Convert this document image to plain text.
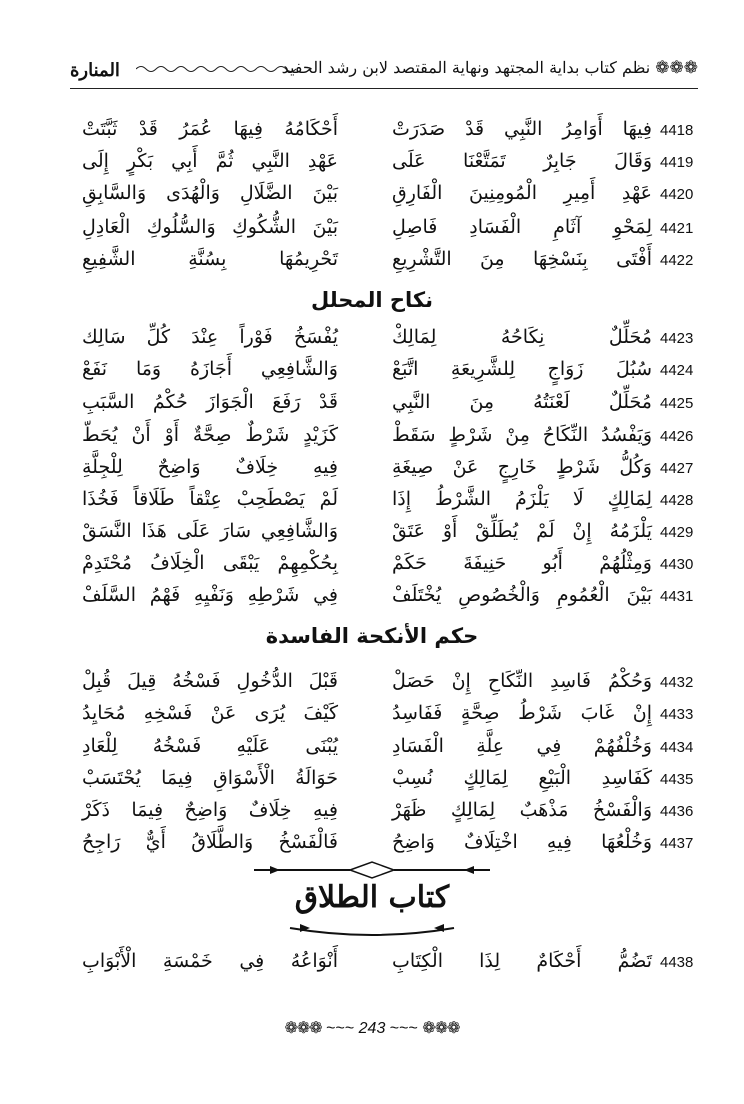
المنارة	❁❁❁ نظم كتاب بداية المجتهد ونهاية المقتصد لابن رشد الحفيد
4418
فِيهَا أَوَامِرُ النَّبِي قَدْ صَدَرَتْ
أَحْكَامُهُ فِيهَا عُمَرُ قَدْ ثَبَّتَتْ
4419
وَقَالَ جَابِرٌ تَمَتَّعْنَا عَلَى
عَهْدِ النَّبِي ثُمَّ أَبِي بَكْرٍ إِلَى
4420
عَهْدِ أَمِيرِ الْمُومِنِينَ الْفَارِقِ
بَيْنَ الضَّلَالِ وَالْهُدَى وَالسَّابِقِ
4421
لِمَحْوِ آثَامِ الْفَسَادِ فَاصِلِ
بَيْنَ الشُّكُوكِ وَالسُّلُوكِ الْعَادِلِ
4422
أَفْتَى بِنَسْخِهَا مِنَ التَّشْرِيعِ
تَحْرِيمُهَا بِسُنَّةِ الشَّفِيعِ
نكاح المحلل
4423
مُحَلِّلٌ نِكَاحُهُ لِمَالِكْ
يُفْسَخُ فَوْراً عِنْدَ كُلِّ سَالِك
4424
سُبُلَ زَوَاجٍ لِلشَّرِيعَةِ اتَّبَعْ
وَالشَّافِعِي أَجَازَهُ وَمَا نَفَعْ
4425
مُحَلِّلٌ لَعْنَتُهُ مِنَ النَّبِي
قَدْ رَفَعَ الْجَوَازَ حُكْمُ السَّبَبِ
4426
وَيَفْسُدُ النِّكَاحُ مِنْ شَرْطٍ سَقَطْ
كَزَيْدٍ شَرْطٌ صِحَّةٌ أَوْ أَنْ يُحَطّ
4427
وَكُلُّ شَرْطٍ خَارِجٍ عَنْ صِيغَةِ
فِيهِ خِلَافٌ وَاضِحٌ لِلْجِلَّةِ
4428
لِمَالِكٍ لَا يَلْزَمُ الشَّرْطُ إِذَا
لَمْ يَصْطَحِبْ عِتْقاً طَلَاقاً فَخُذَا
4429
يَلْزَمُهُ إِنْ لَمْ يُطَلِّقْ أَوْ عَتَقْ
وَالشَّافِعِي سَارَ عَلَى هَذَا النَّسَقْ
4430
وَمِثْلُهُمْ أَبُو حَنِيفَةَ حَكَمْ
بِحُكْمِهِمْ يَبْقَى الْخِلَافُ مُحْتَدِمْ
4431
بَيْنَ الْعُمُومِ وَالْخُصُوصِ يُخْتَلَفْ
فِي شَرْطِهِ وَنَفْيِهِ فَهْمُ السَّلَفْ
حكم الأنكحة الفاسدة
4432
وَحُكْمُ فَاسِدِ النِّكَاحِ إِنْ حَصَلْ
قَبْلَ الدُّخُولِ فَسْخُهُ قِيلَ قُبِلْ
4433
إِنْ غَابَ شَرْطُ صِحَّةٍ فَفَاسِدُ
كَيْفَ يُرَى عَنْ فَسْخِهِ مُحَايِدُ
4434
وَخُلْفُهُمْ فِي عِلَّةِ الْفَسَادِ
يُبْنَى عَلَيْهِ فَسْخُهُ لِلْعَادِ
4435
كَفَاسِدِ الْبَيْعِ لِمَالِكٍ نُسِبْ
حَوَالَةُ الْأَسْوَاقِ فِيمَا يُحْتَسَبْ
4436
وَالْفَسْخُ مَذْهَبٌ لِمَالِكٍ ظَهَرْ
فِيهِ خِلَافٌ وَاضِحٌ فِيمَا ذَكَرْ
4437
وَخُلْعُهَا فِيهِ اخْتِلَافٌ وَاضِحُ
فَالْفَسْخُ وَالطَّلَاقُ أَيٌّ رَاجِحُ
كتاب الطلاق
4438
تَضُمُّ أَحْكَامٌ لِذَا الْكِتَابِ
أَنْوَاعُهُ فِي خَمْسَةِ الْأَبْوَابِ
❁❁❁ ~~~ 243 ~~~ ❁❁❁
